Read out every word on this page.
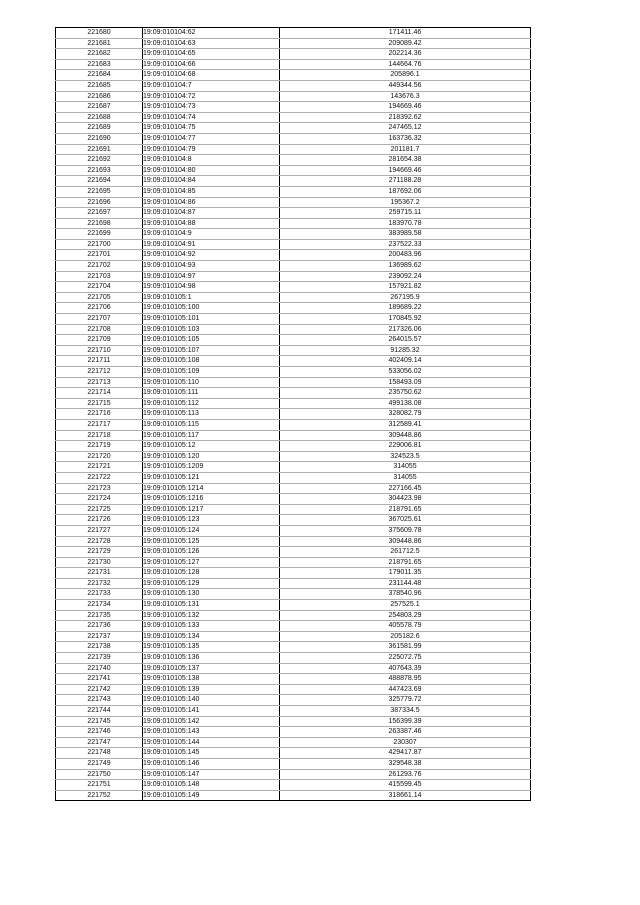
221680	19:09:010104:62	171411.46
221681	19:09:010104:63	209089.42
221682	19:09:010104:65	202214.36
221683	19:09:010104:66	144664.76
221684	19:09:010104:68	205896.1
221685	19:09:010104:7	449344.56
221686	19:09:010104:72	143676.3
221687	19:09:010104:73	194669.46
221688	19:09:010104:74	218392.62
221689	19:09:010104:75	247465.12
221690	19:09:010104:77	163736.32
221691	19:09:010104:79	201181.7
221692	19:09:010104:8	281654.38
221693	19:09:010104:80	194669.46
221694	19:09:010104:84	271188.28
221695	19:09:010104:85	187692.06
221696	19:09:010104:86	195367.2
221697	19:09:010104:87	259715.11
221698	19:09:010104:88	183970.78
221699	19:09:010104:9	383989.58
221700	19:09:010104:91	237522.33
221701	19:09:010104:92	200483.96
221702	19:09:010104:93	136989.62
221703	19:09:010104:97	239092.24
221704	19:09:010104:98	157921.82
221705	19:09:010105:1	267195.9
221706	19:09:010105:100	189689.22
221707	19:09:010105:101	170845.92
221708	19:09:010105:103	217326.06
221709	19:09:010105:105	264015.57
221710	19:09:010105:107	91285.32
221711	19:09:010105:108	402409.14
221712	19:09:010105:109	533056.02
221713	19:09:010105:110	158493.09
221714	19:09:010105:111	235750.62
221715	19:09:010105:112	499138.08
221716	19:09:010105:113	328082.79
221717	19:09:010105:115	312589.41
221718	19:09:010105:117	309448.86
221719	19:09:010105:12	229006.81
221720	19:09:010105:120	324523.5
221721	19:09:010105:1209	314055
221722	19:09:010105:121	314055
221723	19:09:010105:1214	227166.45
221724	19:09:010105:1216	304423.98
221725	19:09:010105:1217	218791.65
221726	19:09:010105:123	367025.61
221727	19:09:010105:124	375609.78
221728	19:09:010105:125	309448.86
221729	19:09:010105:126	261712.5
221730	19:09:010105:127	218791.65
221731	19:09:010105:128	179011.35
221732	19:09:010105:129	231144.48
221733	19:09:010105:130	378540.96
221734	19:09:010105:131	257525.1
221735	19:09:010105:132	254803.29
221736	19:09:010105:133	405578.79
221737	19:09:010105:134	205182.6
221738	19:09:010105:135	361581.99
221739	19:09:010105:136	225072.75
221740	19:09:010105:137	407643.39
221741	19:09:010105:138	488878.95
221742	19:09:010105:139	447423.69
221743	19:09:010105:140	325779.72
221744	19:09:010105:141	387334.5
221745	19:09:010105:142	156399.39
221746	19:09:010105:143	263387.46
221747	19:09:010105:144	230307
221748	19:09:010105:145	429417.87
221749	19:09:010105:146	329548.38
221750	19:09:010105:147	261293.76
221751	19:09:010105:148	415599.45
221752	19:09:010105:149	318661.14
